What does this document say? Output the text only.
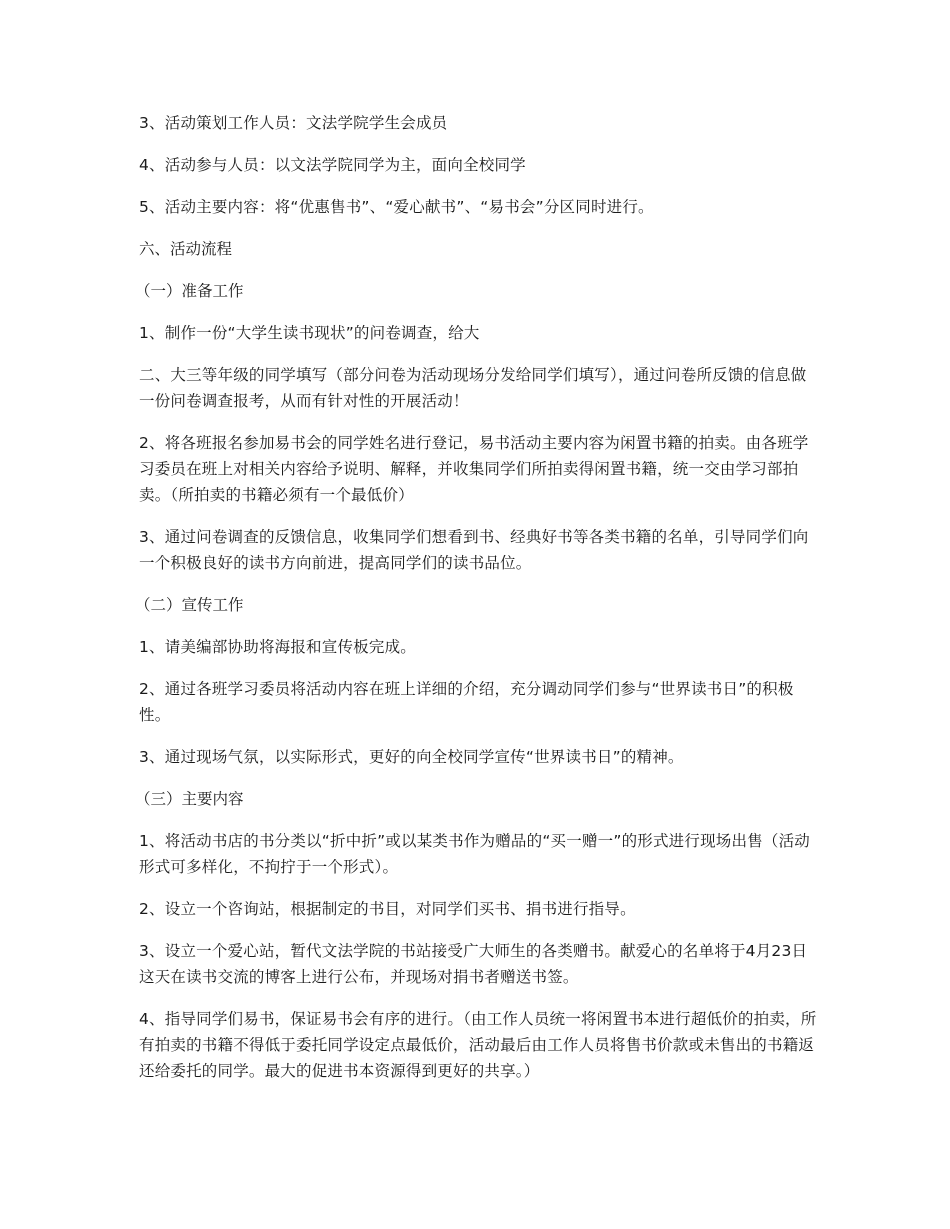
3、活动策划工作人员：文法学院学生会成员

4、活动参与人员：以文法学院同学为主，面向全校同学

5、活动主要内容：将“优惠售书”、“爱心献书”、“易书会”分区同时进行。

六、活动流程

（一）准备工作

1、制作一份“大学生读书现状”的问卷调查，给大

二、大三等年级的同学填写（部分问卷为活动现场分发给同学们填写），通过问卷所反馈的信息做一份问卷调查报考，从而有针对性的开展活动！

2、将各班报名参加易书会的同学姓名进行登记，易书活动主要内容为闲置书籍的拍卖。由各班学习委员在班上对相关内容给予说明、解释，并收集同学们所拍卖得闲置书籍，统一交由学习部拍卖。（所拍卖的书籍必须有一个最低价）

3、通过问卷调查的反馈信息，收集同学们想看到书、经典好书等各类书籍的名单，引导同学们向一个积极良好的读书方向前进，提高同学们的读书品位。

（二）宣传工作

1、请美编部协助将海报和宣传板完成。

2、通过各班学习委员将活动内容在班上详细的介绍，充分调动同学们参与“世界读书日”的积极性。

3、通过现场气氛，以实际形式，更好的向全校同学宣传“世界读书日”的精神。

（三）主要内容

1、将活动书店的书分类以“折中折”或以某类书作为赠品的“买一赠一”的形式进行现场出售（活动形式可多样化，不拘拧于一个形式）。

2、设立一个咨询站，根据制定的书目，对同学们买书、捐书进行指导。

3、设立一个爱心站，暂代文法学院的书站接受广大师生的各类赠书。献爱心的名单将于4月23日这天在读书交流的博客上进行公布，并现场对捐书者赠送书签。

4、指导同学们易书，保证易书会有序的进行。（由工作人员统一将闲置书本进行超低价的拍卖，所有拍卖的书籍不得低于委托同学设定点最低价，活动最后由工作人员将售书价款或未售出的书籍返还给委托的同学。最大的促进书本资源得到更好的共享。）
